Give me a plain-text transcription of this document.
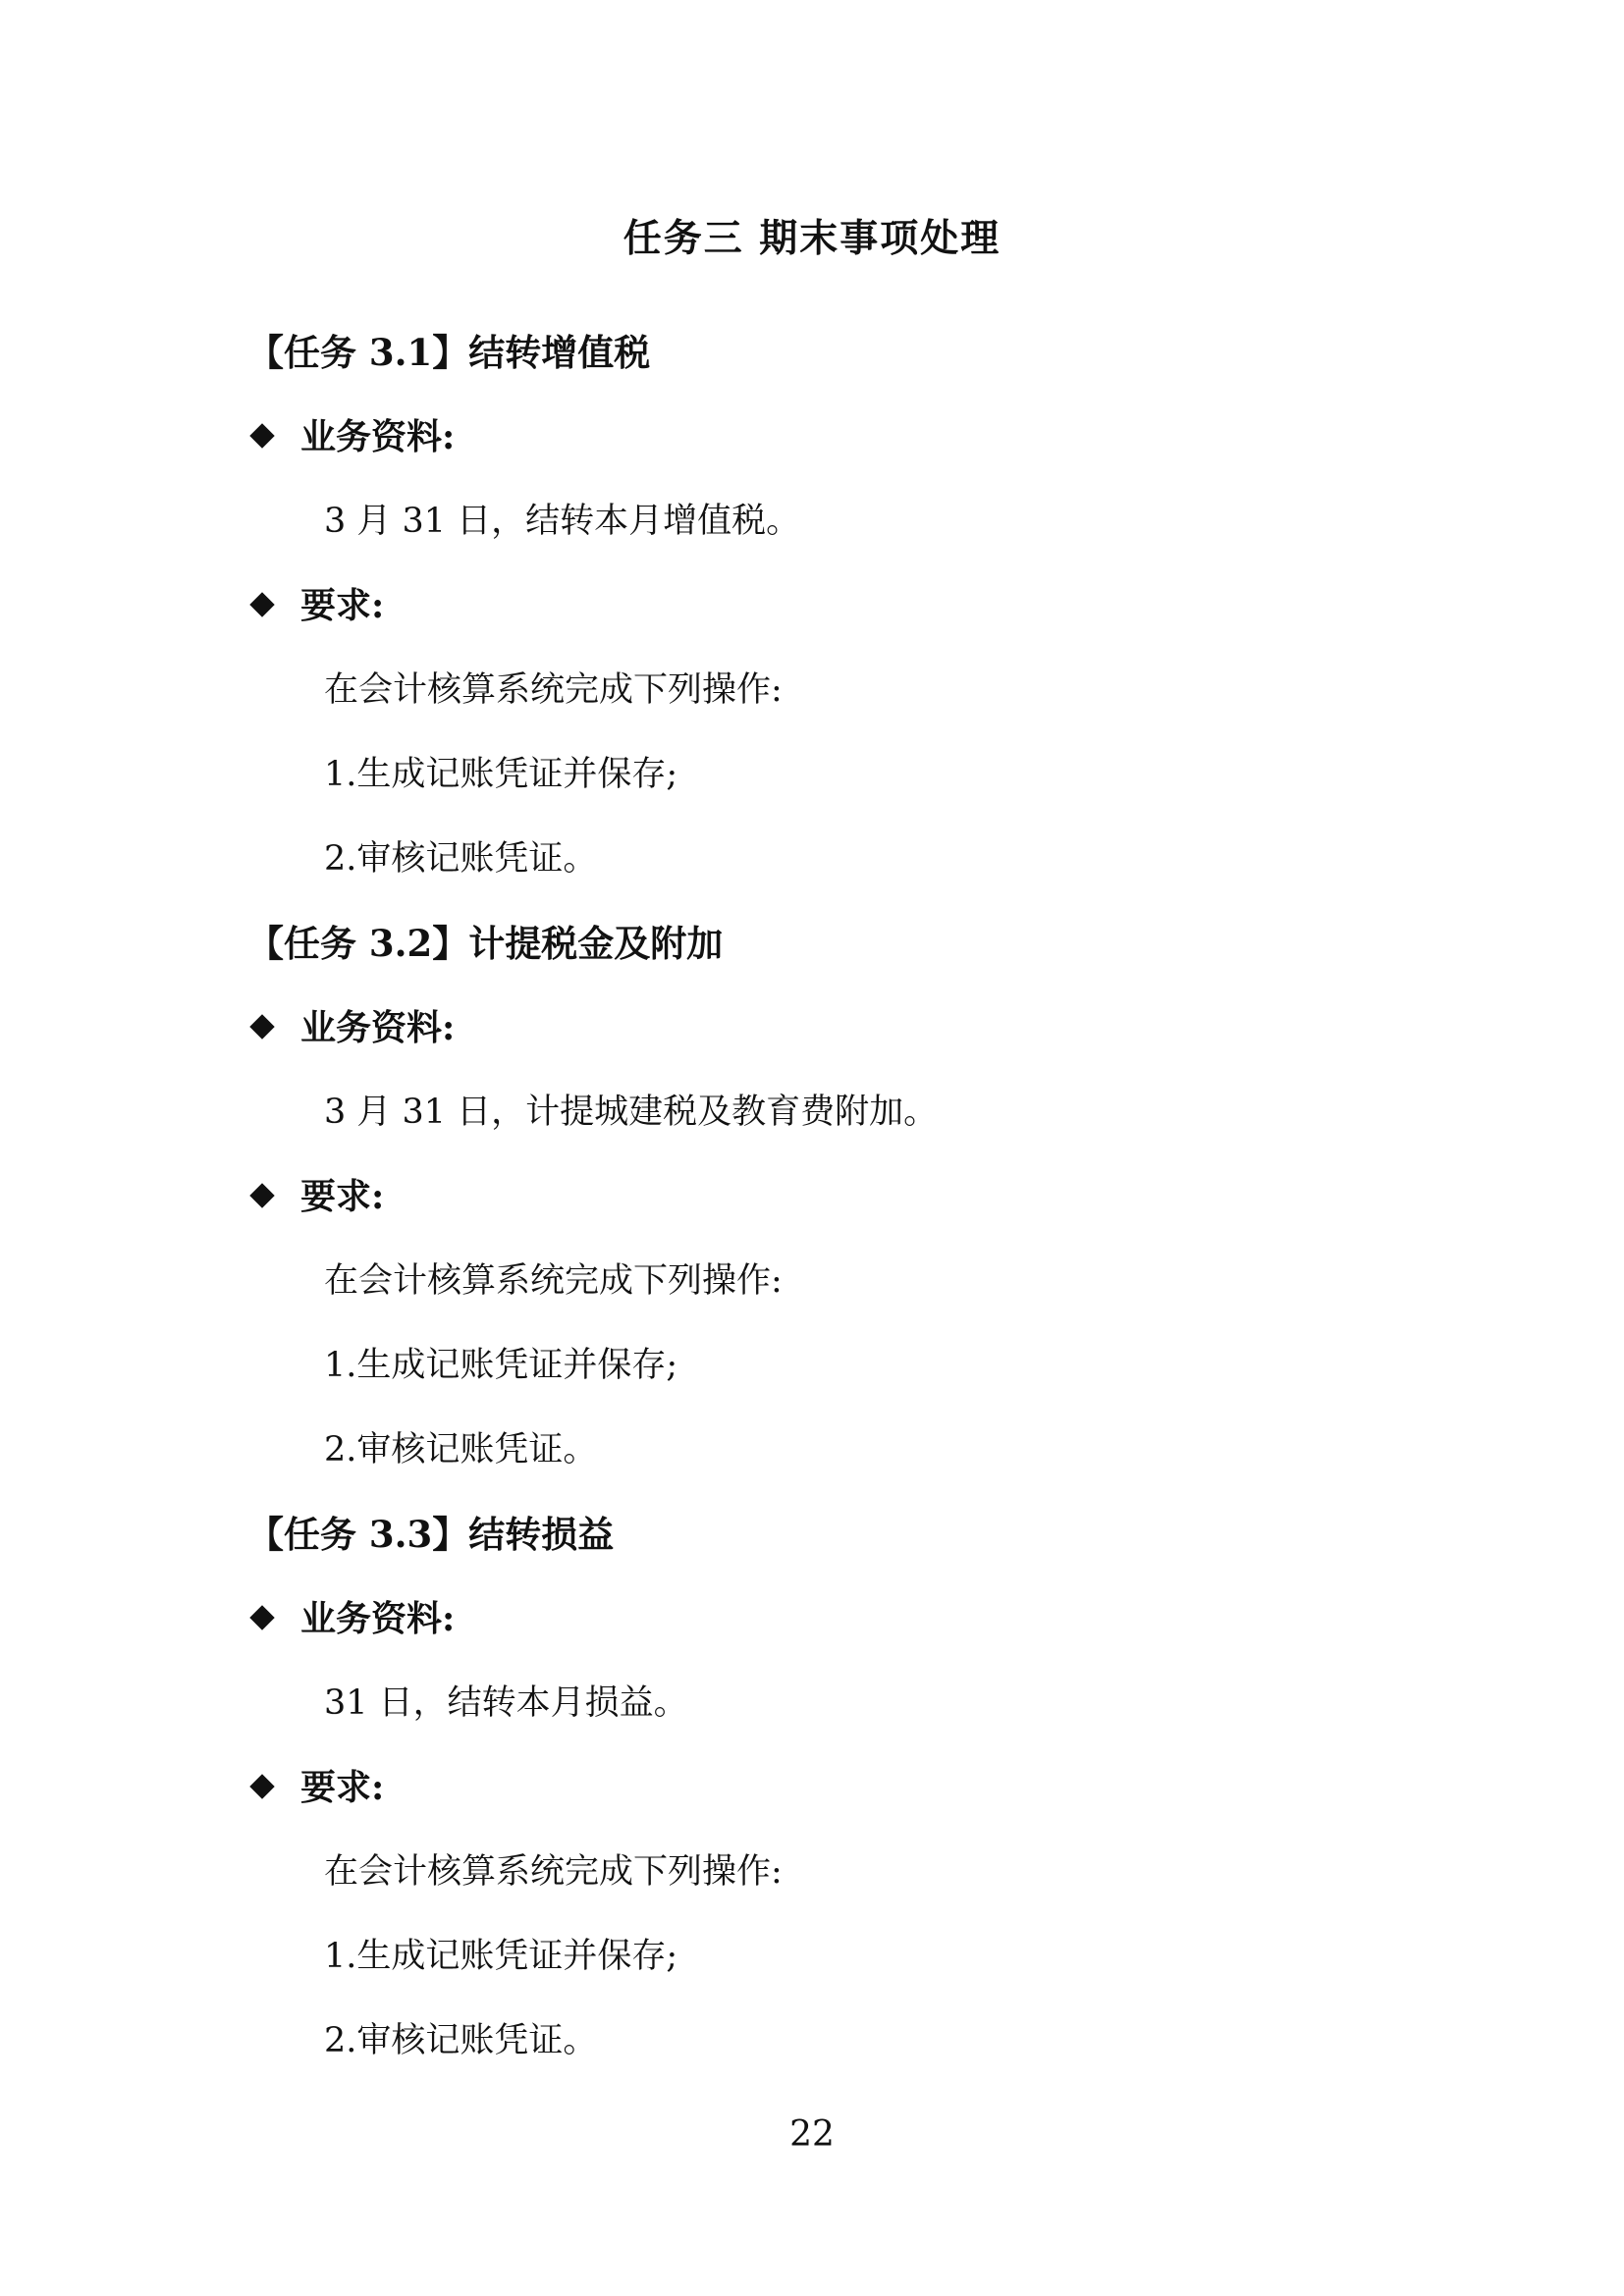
任务三 期末事项处理

【任务 3.1】结转增值税

业务资料:

3 月 31 日，结转本月增值税。

要求:

在会计核算系统完成下列操作:

1.生成记账凭证并保存;

2.审核记账凭证。

【任务 3.2】计提税金及附加

业务资料:

3 月 31 日，计提城建税及教育费附加。

要求:

在会计核算系统完成下列操作:

1.生成记账凭证并保存;

2.审核记账凭证。

【任务 3.3】结转损益

业务资料:

31 日，结转本月损益。

要求:

在会计核算系统完成下列操作:

1.生成记账凭证并保存;

2.审核记账凭证。

22
